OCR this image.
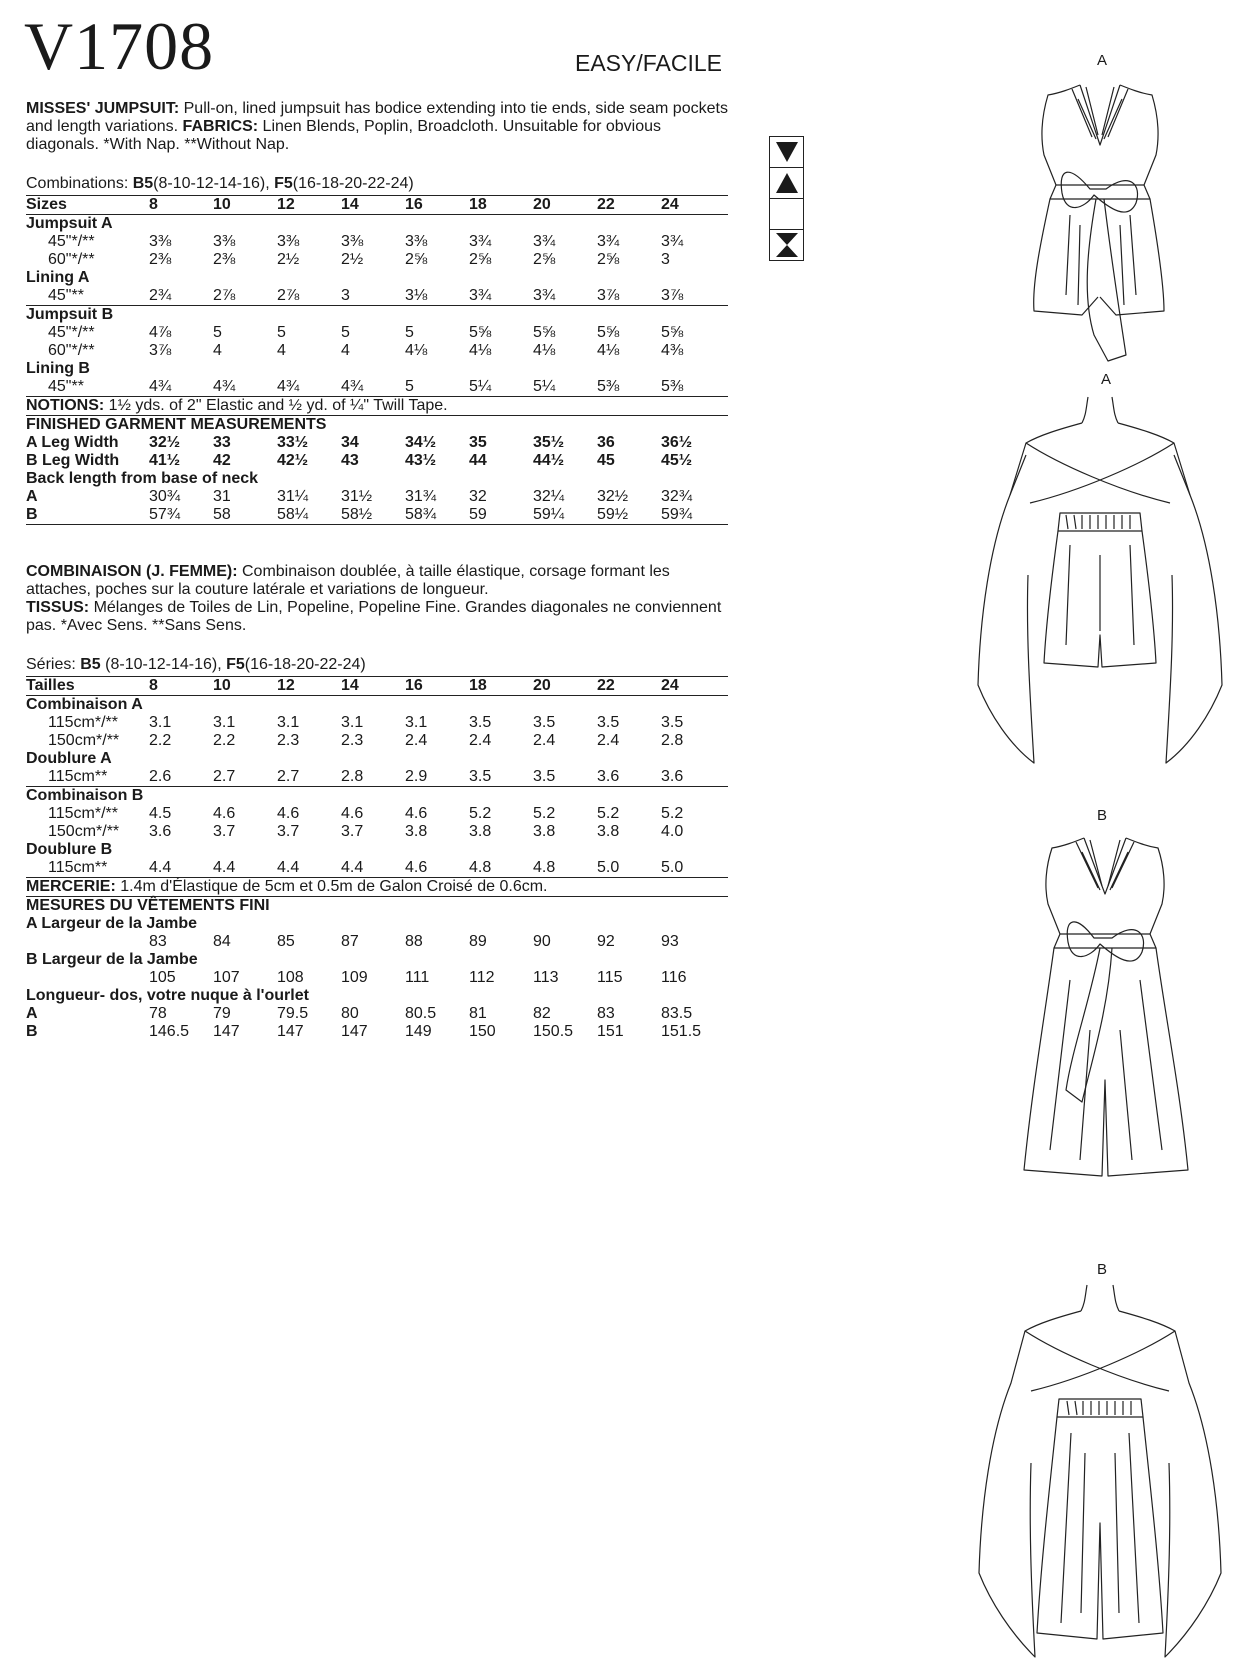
V1708	EASY/FACILE
MISSES' JUMPSUIT: Pull-on, lined jumpsuit has bodice extending into tie ends, side seam pockets and length variations. FABRICS: Linen Blends, Poplin, Broadcloth. Unsuitable for obvious diagonals. *With Nap. **Without Nap.
Combinations: B5(8-10-12-14-16), F5(16-18-20-22-24)
Sizes	8	10	12	14	16	18	20	22	24
Jumpsuit A									
45"*/**	3⅜	3⅜	3⅜	3⅜	3⅜	3¾	3¾	3¾	3¾
60"*/**	2⅜	2⅜	2½	2½	2⅝	2⅝	2⅝	2⅝	3
Lining A									
45"**	2¾	2⅞	2⅞	3	3⅛	3¾	3¾	3⅞	3⅞
Jumpsuit B									
45"*/**	4⅞	5	5	5	5	5⅝	5⅝	5⅝	5⅝
60"*/**	3⅞	4	4	4	4⅛	4⅛	4⅛	4⅛	4⅜
Lining B									
45"**	4¾	4¾	4¾	4¾	5	5¼	5¼	5⅜	5⅜
NOTIONS: 1½ yds. of 2" Elastic and ½ yd. of ¼" Twill Tape.									
FINISHED GARMENT MEASUREMENTS									
A Leg Width	32½	33	33½	34	34½	35	35½	36	36½
B Leg Width	41½	42	42½	43	43½	44	44½	45	45½
Back length from base of neck									
A	30¾	31	31¼	31½	31¾	32	32¼	32½	32¾
B	57¾	58	58¼	58½	58¾	59	59¼	59½	59¾
COMBINAISON (J. FEMME): Combinaison doublée, à taille élastique, corsage formant les attaches, poches sur la couture latérale et variations de longueur.
TISSUS: Mélanges de Toiles de Lin, Popeline, Popeline Fine. Grandes diagonales ne conviennent pas. *Avec Sens. **Sans Sens.
Séries: B5 (8-10-12-14-16), F5(16-18-20-22-24)
Tailles	8	10	12	14	16	18	20	22	24
Combinaison A									
115cm*/**	3.1	3.1	3.1	3.1	3.1	3.5	3.5	3.5	3.5
150cm*/**	2.2	2.2	2.3	2.3	2.4	2.4	2.4	2.4	2.8
Doublure A									
115cm**	2.6	2.7	2.7	2.8	2.9	3.5	3.5	3.6	3.6
Combinaison B									
115cm*/**	4.5	4.6	4.6	4.6	4.6	5.2	5.2	5.2	5.2
150cm*/**	3.6	3.7	3.7	3.7	3.8	3.8	3.8	3.8	4.0
Doublure B									
115cm**	4.4	4.4	4.4	4.4	4.6	4.8	4.8	5.0	5.0
MERCERIE: 1.4m d'Élastique de 5cm et 0.5m de Galon Croisé de 0.6cm.									
MESURES DU VÊTEMENTS FINI									
A Largeur de la Jambe									
	83	84	85	87	88	89	90	92	93
B Largeur de la Jambe									
	105	107	108	109	111	112	113	115	116
Longueur- dos, votre nuque à l'ourlet									
A	78	79	79.5	80	80.5	81	82	83	83.5
B	146.5	147	147	147	149	150	150.5	151	151.5
A
A
B
B
